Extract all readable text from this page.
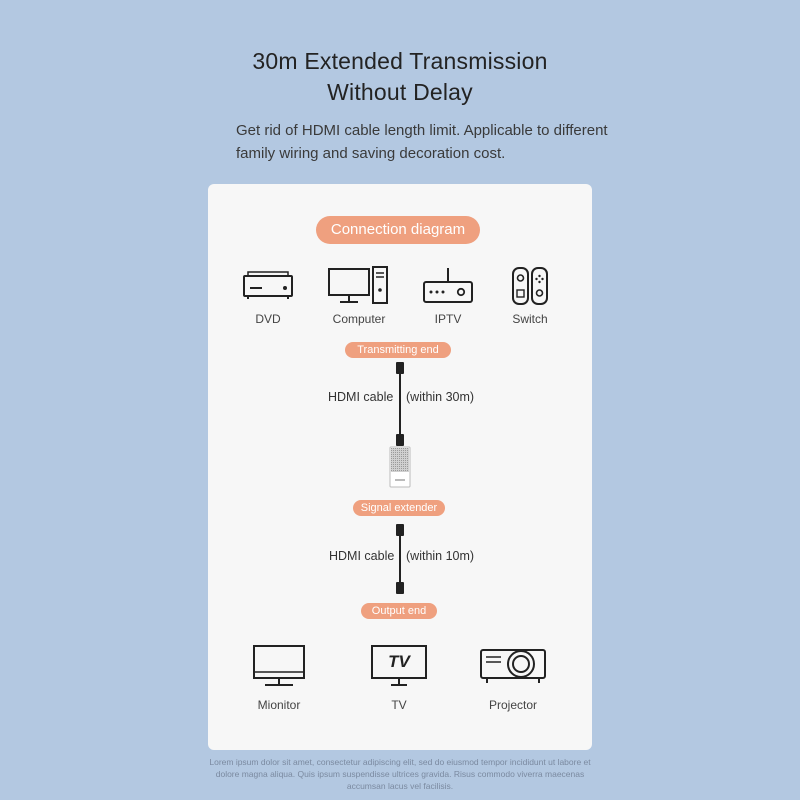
30m Extended Transmission
Without Delay
Get rid of HDMI cable length limit. Applicable to different family wiring and saving decoration cost.
Connection diagram
DVD	Computer	IPTV	Switch
Transmitting end
HDMI cable (within 30m)
Signal extender
HDMI cable (within 10m)
Output end
Mionitor
TV
TV	Projector
Lorem ipsum dolor sit amet, consectetur adipiscing elit, sed do eiusmod tempor incididunt ut labore et dolore magna aliqua. Quis ipsum suspendisse ultrices gravida. Risus commodo viverra maecenas accumsan lacus vel facilisis.
